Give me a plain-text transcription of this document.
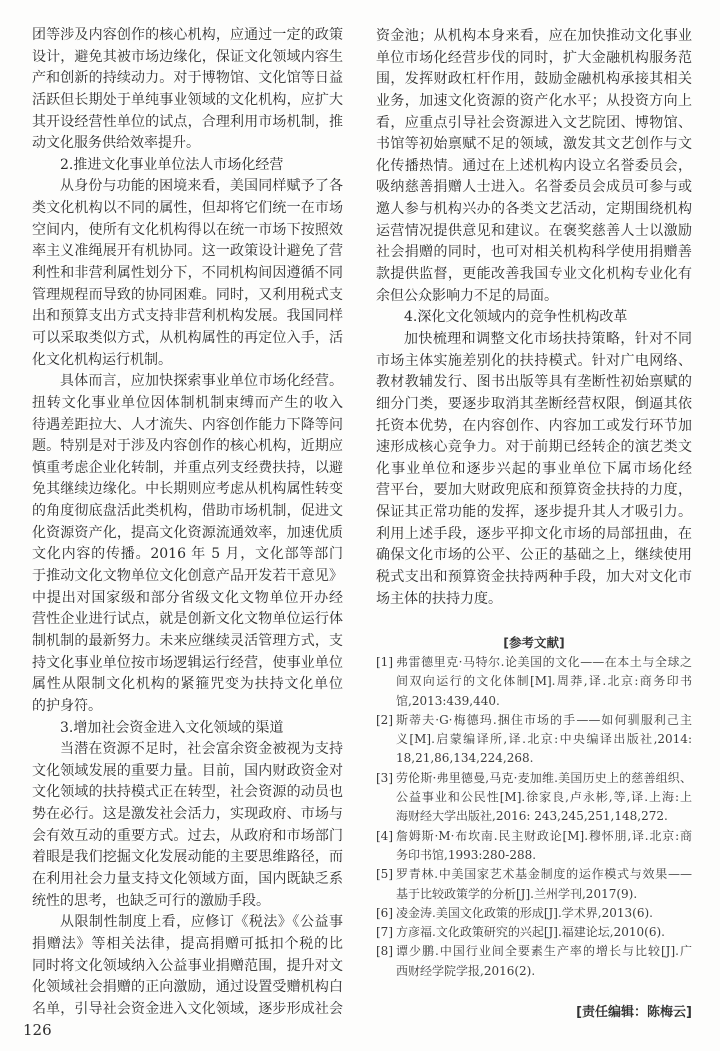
团等涉及内容创作的核心机构，应通过一定的政策
设计，避免其被市场边缘化，保证文化领域内容生
产和创新的持续动力。对于博物馆、文化馆等日益
活跃但长期处于单纯事业领域的文化机构，应扩大
其开设经营性单位的试点，合理利用市场机制，推
动文化服务供给效率提升。
2.推进文化事业单位法人市场化经营
从身份与功能的困境来看，美国同样赋予了各
类文化机构以不同的属性，但却将它们统一在市场
空间内，使所有文化机构得以在统一市场下按照效
率主义准绳展开有机协同。这一政策设计避免了营
利性和非营利属性划分下，不同机构间因遵循不同
管理规程而导致的协同困难。同时，又利用税式支
出和预算支出方式支持非营利机构发展。我国同样
可以采取类似方式，从机构属性的再定位入手，活
化文化机构运行机制。
具体而言，应加快探索事业单位市场化经营。
扭转文化事业单位因体制机制束缚而产生的收入
待遇差距拉大、人才流失、内容创作能力下降等问
题。特别是对于涉及内容创作的核心机构，近期应
慎重考虑企业化转制，并重点列支经费扶持，以避
免其继续边缘化。中长期则应考虑从机构属性转变
的角度彻底盘活此类机构，借助市场机制，促进文
化资源资产化，提高文化资源流通效率，加速优质
文化内容的传播。2016 年 5 月，文化部等部门
于推动文化文物单位文化创意产品开发若干意见》
中提出对国家级和部分省级文化文物单位开办经
营性企业进行试点，就是创新文化文物单位运行体
制机制的最新努力。未来应继续灵活管理方式，支
持文化事业单位按市场逻辑运行经营，使事业单位
属性从限制文化机构的紧箍咒变为扶持文化单位
的护身符。
3.增加社会资金进入文化领域的渠道
当潜在资源不足时，社会富余资金被视为支持
文化领域发展的重要力量。目前，国内财政资金对
文化领域的扶持模式正在转型，社会资源的动员也
势在必行。这是激发社会活力，实现政府、市场与
会有效互动的重要方式。过去，从政府和市场部门
着眼是我们挖掘文化发展动能的主要思维路径，而
在利用社会力量支持文化领域方面，国内既缺乏系
统性的思考，也缺乏可行的激励手段。
从限制性制度上看，应修订《税法》《公益事
捐赠法》等相关法律，提高捐赠可抵扣个税的比
同时将文化领域纳入公益事业捐赠范围，提升对文
化领域社会捐赠的正向激励，通过设置受赠机构白
名单，引导社会资金进入文化领域，逐步形成社会
资金池；从机构本身来看，应在加快推动文化事业
单位市场化经营步伐的同时，扩大金融机构服务范
围，发挥财政杠杆作用，鼓励金融机构承接其相关
业务，加速文化资源的资产化水平；从投资方向上
看，应重点引导社会资源进入文艺院团、博物馆、
书馆等初始禀赋不足的领域，激发其文艺创作与文
化传播热情。通过在上述机构内设立名誉委员会，
吸纳慈善捐赠人士进入。名誉委员会成员可参与或
邀人参与机构兴办的各类文艺活动，定期围绕机构
运营情况提供意见和建议。在褒奖慈善人士以激励
社会捐赠的同时，也可对相关机构科学使用捐赠善
款提供监督，更能改善我国专业文化机构专业化有
余但公众影响力不足的局面。
4.深化文化领域内的竞争性机构改革
加快梳理和调整文化市场扶持策略，针对不同
市场主体实施差别化的扶持模式。针对广电网络、
教材教辅发行、图书出版等具有垄断性初始禀赋的
细分门类，要逐步取消其垄断经营权限，倒逼其依
托资本优势，在内容创作、内容加工或发行环节加
速形成核心竞争力。对于前期已经转企的演艺类文
化事业单位和逐步兴起的事业单位下属市场化经
营平台，要加大财政兜底和预算资金扶持的力度，
保证其正常功能的发挥，逐步提升其人才吸引力。
利用上述手段，逐步平抑文化市场的局部扭曲，在
确保文化市场的公平、公正的基础之上，继续使用
税式支出和预算资金扶持两种手段，加大对文化市
场主体的扶持力度。
[参考文献]
[1] 弗雷德里克·马特尔.论美国的文化——在本土与全球之
间双向运行的文化体制[M].周莽,译.北京:商务印书
馆,2013:439,440.
[2] 斯蒂夫·G·梅德玛.捆住市场的手——如何驯服利己主
义[M].启蒙编译所,译.北京:中央编译出版社,2014:
18,21,86,134,224,268.
[3] 劳伦斯·弗里德曼,马克·麦加维.美国历史上的慈善组织、
公益事业和公民性[M].徐家良,卢永彬,等,译.上海:上
海财经大学出版社,2016: 243,245,251,148,272.
[4] 詹姆斯·M·布坎南.民主财政论[M].穆怀朋,译.北京:商
务印书馆,1993:280-288.
[5] 罗青林.中美国家艺术基金制度的运作模式与效果——
基于比较政策学的分析[J].兰州学刊,2017(9).
[6] 凌金涛.美国文化政策的形成[J].学术界,2013(6).
[7] 方彦福.文化政策研究的兴起[J].福建论坛,2010(6).
[8] 谭少鹏.中国行业间全要素生产率的增长与比较[J].广
西财经学院学报,2016(2).
[责任编辑：陈梅云]
126
